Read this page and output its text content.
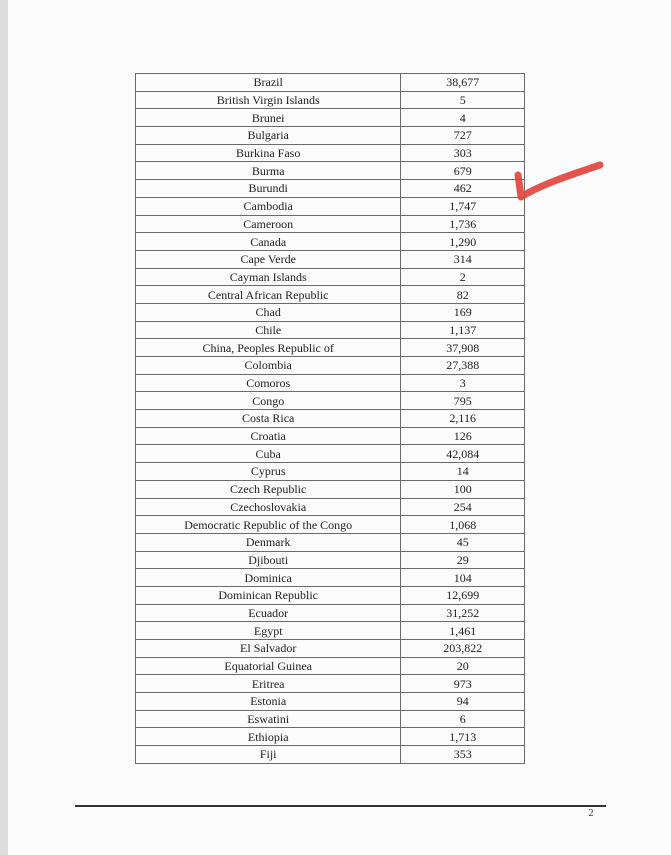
Brazil	38,677
British Virgin Islands	5
Brunei	4
Bulgaria	727
Burkina Faso	303
Burma	679
Burundi	462
Cambodia	1,747
Cameroon	1,736
Canada	1,290
Cape Verde	314
Cayman Islands	2
Central African Republic	82
Chad	169
Chile	1,137
China, Peoples Republic of	37,908
Colombia	27,388
Comoros	3
Congo	795
Costa Rica	2,116
Croatia	126
Cuba	42,084
Cyprus	14
Czech Republic	100
Czechoslovakia	254
Democratic Republic of the Congo	1,068
Denmark	45
Djibouti	29
Dominica	104
Dominican Republic	12,699
Ecuador	31,252
Egypt	1,461
El Salvador	203,822
Equatorial Guinea	20
Eritrea	973
Estonia	94
Eswatini	6
Ethiopia	1,713
Fiji	353
2
